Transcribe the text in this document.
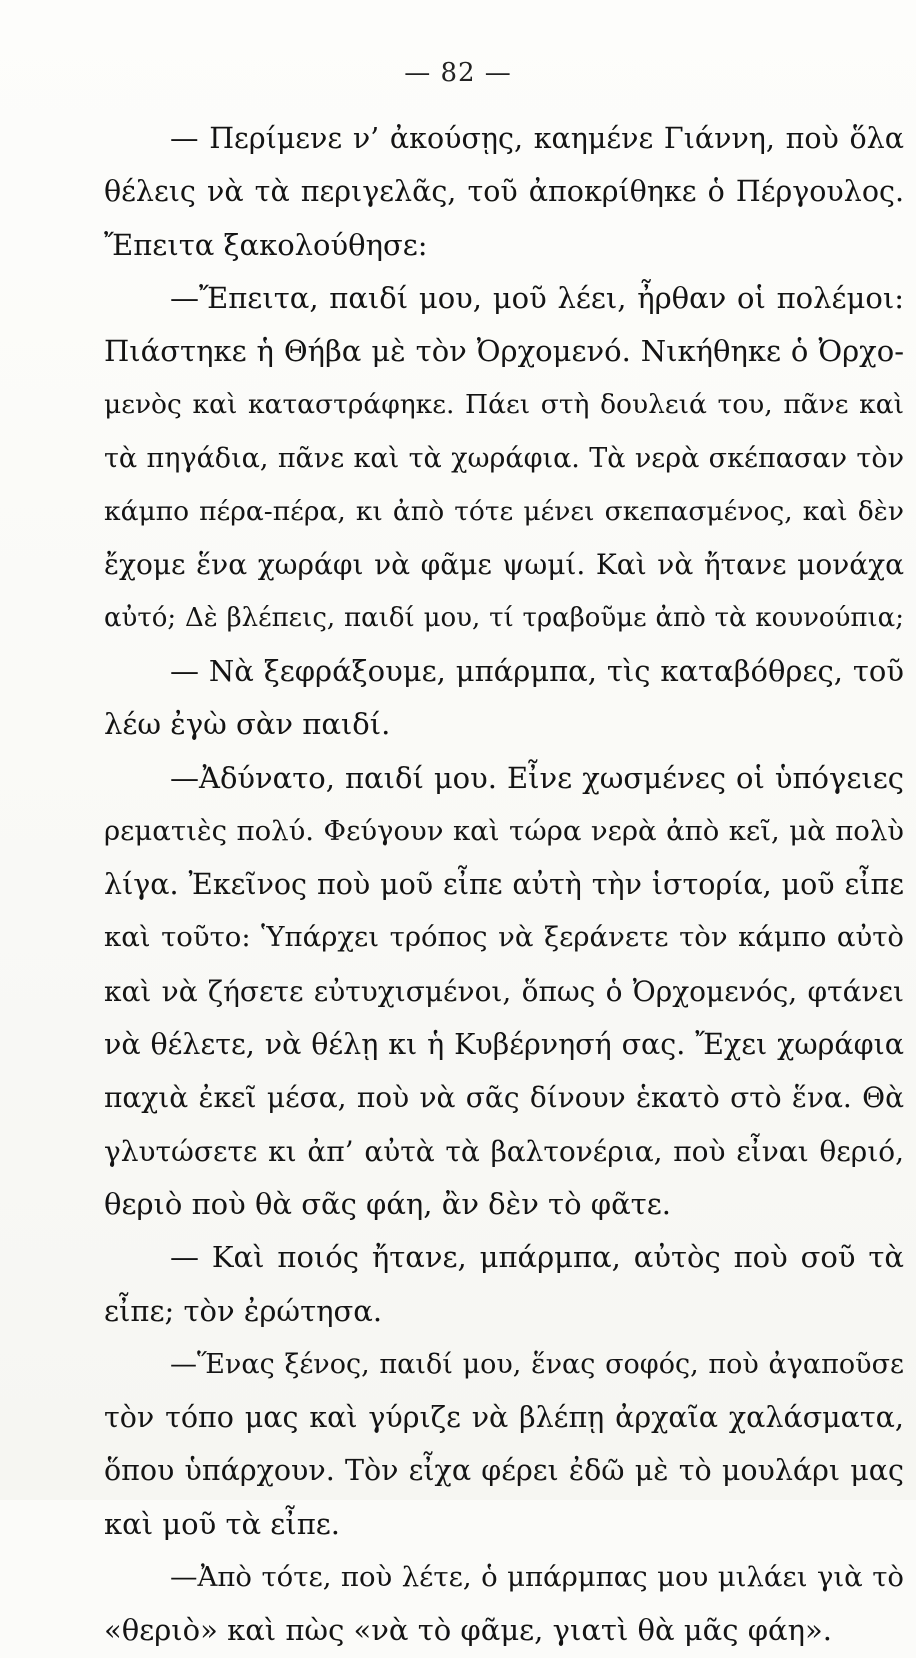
— 82 —
— Περίμενε ν’ ἀκούσῃς, καημένε Γιάννη, ποὺ ὅλα
θέλεις νὰ τὰ περιγελᾶς, τοῦ ἀποκρίθηκε ὁ Πέργουλος.
Ἔπειτα ξακολούθησε:
—Ἔπειτα, παιδί μου, μοῦ λέει, ἦρθαν οἱ πολέμοι:
Πιάστηκε ἡ Θήβα μὲ τὸν Ὀρχομενό. Νικήθηκε ὁ Ὀρχο-
μενὸς καὶ καταστράφηκε. Πάει στὴ δουλειά του, πᾶνε καὶ
τὰ πηγάδια, πᾶνε καὶ τὰ χωράφια. Τὰ νερὰ σκέπασαν τὸν
κάμπο πέρα-πέρα, κι ἀπὸ τότε μένει σκεπασμένος, καὶ δὲν
ἔχομε ἕνα χωράφι νὰ φᾶμε ψωμί. Καὶ νὰ ἤτανε μονάχα
αὐτό; Δὲ βλέπεις, παιδί μου, τί τραβοῦμε ἀπὸ τὰ κουνούπια;
— Νὰ ξεφράξουμε, μπάρμπα, τὶς καταβόθρες, τοῦ
λέω ἐγὼ σὰν παιδί.
—Ἀδύνατο, παιδί μου. Εἶνε χωσμένες οἱ ὑπόγειες
ρεματιὲς πολύ. Φεύγουν καὶ τώρα νερὰ ἀπὸ κεῖ, μὰ πολὺ
λίγα. Ἐκεῖνος ποὺ μοῦ εἶπε αὐτὴ τὴν ἱστορία, μοῦ εἶπε
καὶ τοῦτο: Ὑπάρχει τρόπος νὰ ξεράνετε τὸν κάμπο αὐτὸ
καὶ νὰ ζήσετε εὐτυχισμένοι, ὅπως ὁ Ὀρχομενός, φτάνει
νὰ θέλετε, νὰ θέλῃ κι ἡ Κυβέρνησή σας. Ἔχει χωράφια
παχιὰ ἐκεῖ μέσα, ποὺ νὰ σᾶς δίνουν ἑκατὸ στὸ ἕνα. Θὰ
γλυτώσετε κι ἀπ’ αὐτὰ τὰ βαλτονέρια, ποὺ εἶναι θεριό,
θεριὸ ποὺ θὰ σᾶς φάη, ἂν δὲν τὸ φᾶτε.
— Καὶ ποιός ἤτανε, μπάρμπα, αὐτὸς ποὺ σοῦ τὰ
εἶπε; τὸν ἐρώτησα.
—Ἕνας ξένος, παιδί μου, ἕνας σοφός, ποὺ ἀγαποῦσε
τὸν τόπο μας καὶ γύριζε νὰ βλέπῃ ἀρχαῖα χαλάσματα,
ὅπου ὑπάρχουν. Τὸν εἶχα φέρει ἐδῶ μὲ τὸ μουλάρι μας
καὶ μοῦ τὰ εἶπε.
—Ἀπὸ τότε, ποὺ λέτε, ὁ μπάρμπας μου μιλάει γιὰ τὸ
«θεριὸ» καὶ πὼς «νὰ τὸ φᾶμε, γιατὶ θὰ μᾶς φάη».
